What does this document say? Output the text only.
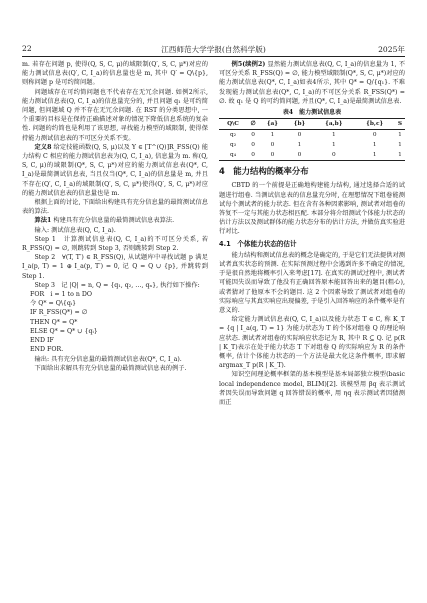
22	江西师范大学学报(自然科学版)	2025年

m. 若存在问题 p, 使得(Q, S, C, μ)的域限制(Q′, S, C, μ*)对应的能力测试信息表(Q′, C, I_a)的信息量也是 m, 其中 Q′ = Q\{p}, 则称问题 p 是可约简问题。

问题域存在可约简问题也不代表存在无冗余问题. 如例2所示, 能力测试信息表(Q, C, I_a)的信息量充分的, 并且问题 q₁ 是可约简问题, 但问题域 Q 并不存在无冗余问题. 在 RST 的分类思想中, 一个重要的目标是在保持正确描述对象的情况下降低信息系统的复杂性. 问题的约简也是利用了该思想, 寻找能力模型的域限制, 使得保持能力测试信息表的不可区分关系不变。

定义8 给定技能函数(Q, S, μ)以及 Y ∈ [T^(Q)]R_FSS(Q) 能力结构 C 相应的能力测试信息表为(Q, C, I_a), 信息量为 m. 称(Q, S, C, μ)的域限制(Q*, S, C, μ*)对应的能力测试信息表(Q*, C, I_a)是最简测试信息表, 当且仅当(Q*, C, I_a)的信息量是 m, 并且不存在(Q′, C, I_a)的域限制(Q′, S, C, μ*)使得(Q′, S, C, μ*)对应的能力测试信息表的信息量也是 m.

根据上面的讨论, 下面给出构建具有充分信息量的最简测试信息表的算法.

算法1 构建具有充分信息量的最简测试信息表算法.

输入: 测试信息表(Q, C, I_a).

Step 1　计算测试信息表(Q, C, I_a)的不可区分关系, 若 R_FSS(Q) = ∅, 则跳转到 Step 3, 否则跳转到 Step 2.

Step 2　∀(T, T′) ∈ R_FSS(Q), 从试题库中寻找试题 p 满足 I_a(p, T) = 1 ⊕ I_a(p, T′) = 0, 记 Q = Q ∪ {p}, 并跳转到 Step 1.

Step 3　记 |Q| = n, Q = {q₁, q₂, …, qₙ}, 执行如下操作:

FOR　i = 1 to n DO
令 Q* = Q\{qᵢ}
IF R_FSS(Q*) = ∅
THEN Q* = Q*
ELSE Q* = Q* ∪ {qᵢ}
END IF
END FOR.

输出: 具有充分信息量的最简测试信息表(Q*, C, I_a).

下面给出求解具有充分信息量的最简测试信息表的例子.

例5(续例2) 显然能力测试信息表(Q, C, I_a)的信息量为 1, 不可区分关系 R_FSS(Q) = ∅, 能力模型域限制(Q*, S, C, μ*)对应的能力测试信息表(Q*, C, I_a)如表4所示, 其中 Q* = Q/{q₁}. 不难发现能力测试信息表(Q*, C, I_a)的不可区分关系 R_FSS(Q*) = ∅. 故 q₁ 是 Q 的可约简问题, 并且(Q*, C, I_a)是最简测试信息表.

表4　能力测试信息表
Q\C	∅	{a}	{b}	{a,b}	{b,c}	S
q₂	0	1	0	1	0	1
q₃	0	0	1	1	1	1
q₄	0	0	0	0	1	1
4　能力结构的概率分布

CBTD 的一个前提是正确地构建能力结构, 通过选择合适的试题进行组卷. 当测试信息表的信息量充分时, 在理想情况下组卷能测试每个测试者的能力状态. 但在含有各种因素影响, 测试者对组卷的答复不一定与其能力状态相匹配. 本部分将介绍测试个体能力状态的估计方法以及测试群体的能力状态分布的估计方法, 并做仿真实验进行对比.

4.1　个体能力状态的估计

能力结构和测试信息表的概念是确定的, 于是它们无法提供对测试者真实状态的预测. 在实际预测过程中会遇到许多不确定的情况, 于是很自然地将概率引入来考虑[17]. 在真实的测试过程中, 测试者可能因失误而导致了他没有正确回答原本能回答出来的题目(粗心), 或者猜对了他原本不会的题目. 这 2 个因素导致了测试者对组卷的实际响应与其真实响应出现偏差, 于是引入回答响应的条件概率是有意义的.

给定能力测试信息表(Q, C, I_a)以及能力状态 T ∈ C, 称 K_T = {q | I_a(q, T) = 1} 为能力状态为 T 的个体对组卷 Q 的理论响应状态. 测试者对组卷的实际响应状态记为 R, 其中 R ⊆ Q. 记 p(R | K_T)表示在处于能力状态 T 下对组卷 Q 的实际响应为 R 的条件概率, 估计个体能力状态的一个方法是最大化这条件概率, 即求解 argmax_T p(R | K_T).

知识空间理论概率框架的基本模型是基本局部独立模型(basic local independence model, BLIM)[2]. 该模型用 βq 表示测试者因失误而导致问题 q 回答错误的概率, 用 ηq 表示测试者因猜测而正
